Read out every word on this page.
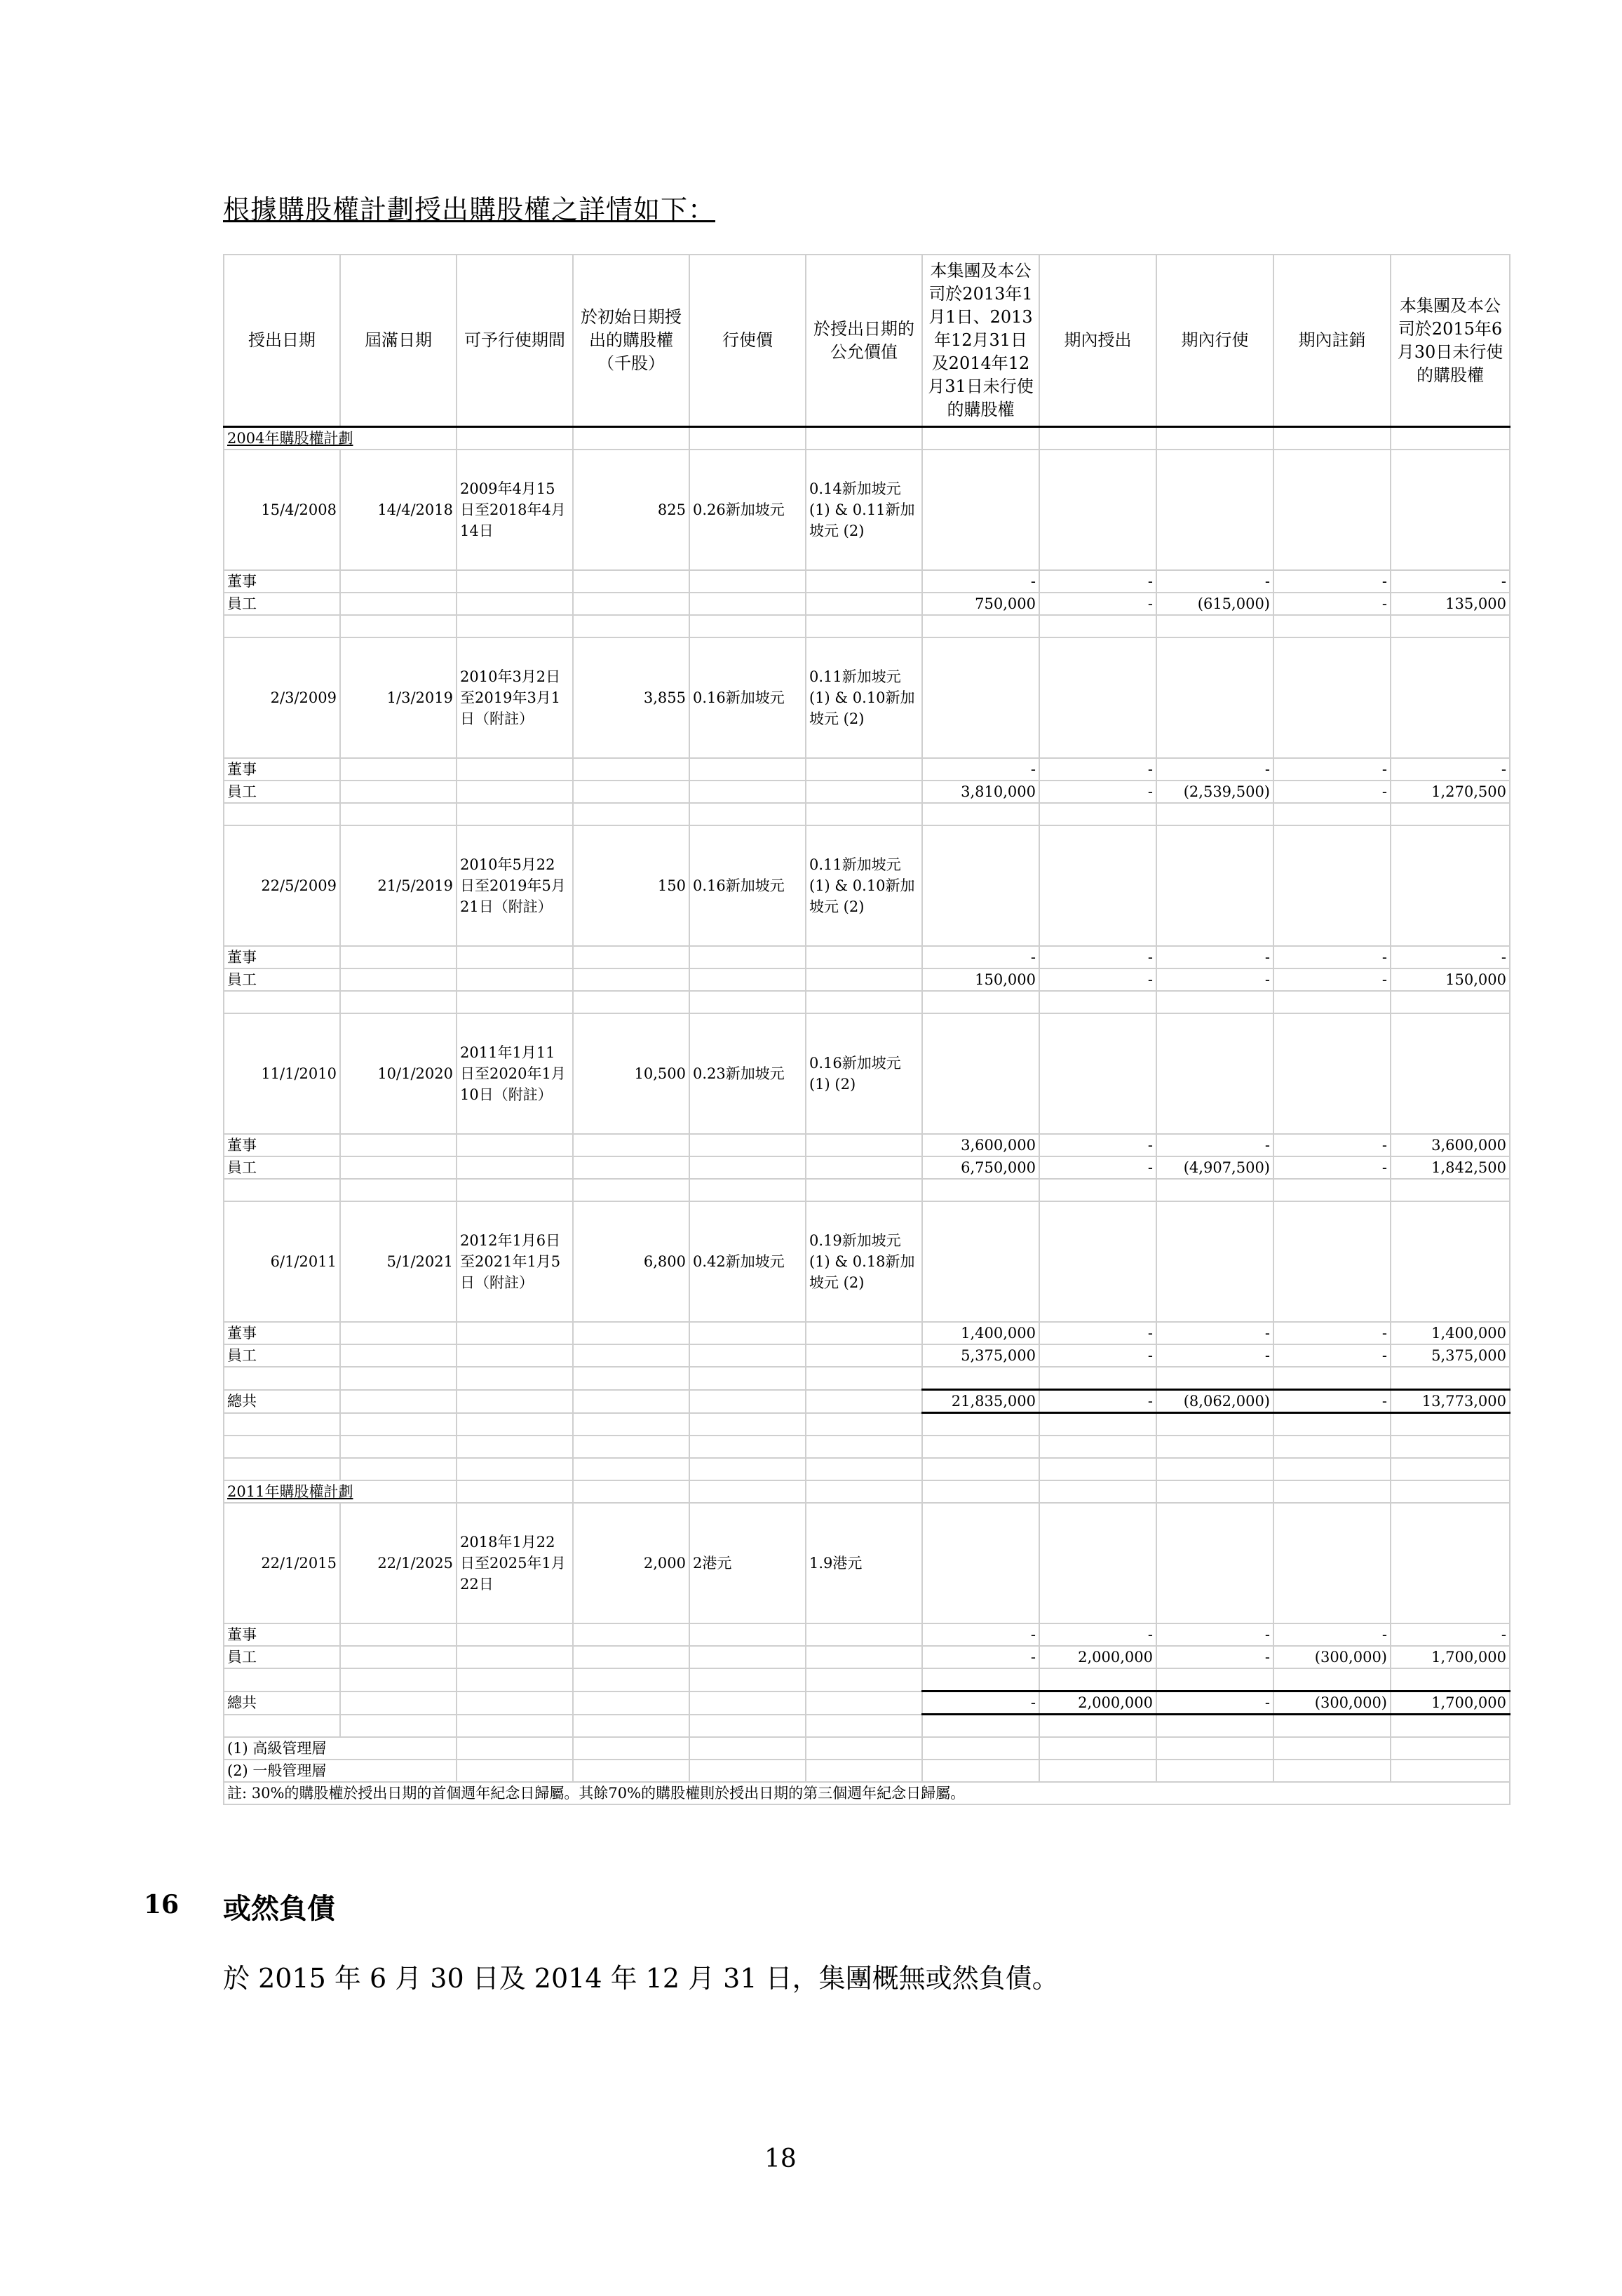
根據購股權計劃授出購股權之詳情如下：
授出日期	屆滿日期	可予行使期間	於初始日期授出的購股權（千股）	行使價	於授出日期的公允價值	本集團及本公司於2013年1月1日、2013年12月31日及2014年12月31日未行使的購股權	期內授出	期內行使	期內註銷	本集團及本公司於2015年6月30日未行使的購股權
2004年購股權計劃										
15/4/2008	14/4/2018	2009年4月15日至2018年4月14日	825	0.26新加坡元	0.14新加坡元 (1) & 0.11新加坡元 (2)					
董事						-	-	-	-	-
員工						750,000	-	(615,000)	-	135,000

2/3/2009	1/3/2019	2010年3月2日至2019年3月1日（附註）	3,855	0.16新加坡元	0.11新加坡元 (1) & 0.10新加坡元 (2)					
董事						-	-	-	-	-
員工						3,810,000	-	(2,539,500)	-	1,270,500

22/5/2009	21/5/2019	2010年5月22日至2019年5月21日（附註）	150	0.16新加坡元	0.11新加坡元 (1) & 0.10新加坡元 (2)					
董事						-	-	-	-	-
員工						150,000	-	-	-	150,000

11/1/2010	10/1/2020	2011年1月11日至2020年1月10日（附註）	10,500	0.23新加坡元	0.16新加坡元 (1) (2)					
董事						3,600,000	-	-	-	3,600,000
員工						6,750,000	-	(4,907,500)	-	1,842,500

6/1/2011	5/1/2021	2012年1月6日至2021年1月5日（附註）	6,800	0.42新加坡元	0.19新加坡元 (1) & 0.18新加坡元 (2)					
董事						1,400,000	-	-	-	1,400,000
員工						5,375,000	-	-	-	5,375,000

總共						21,835,000	-	(8,062,000)	-	13,773,000

2011年購股權計劃										
22/1/2015	22/1/2025	2018年1月22日至2025年1月22日	2,000	2港元	1.9港元					
董事						-	-	-	-	-
員工						-	2,000,000	-	(300,000)	1,700,000

總共						-	2,000,000	-	(300,000)	1,700,000

(1) 高級管理層										
(2) 一般管理層										
註: 30%的購股權於授出日期的首個週年紀念日歸屬。其餘70%的購股權則於授出日期的第三個週年紀念日歸屬。										
16 或然負債
於 2015 年 6 月 30 日及 2014 年 12 月 31 日，集團概無或然負債。
18
